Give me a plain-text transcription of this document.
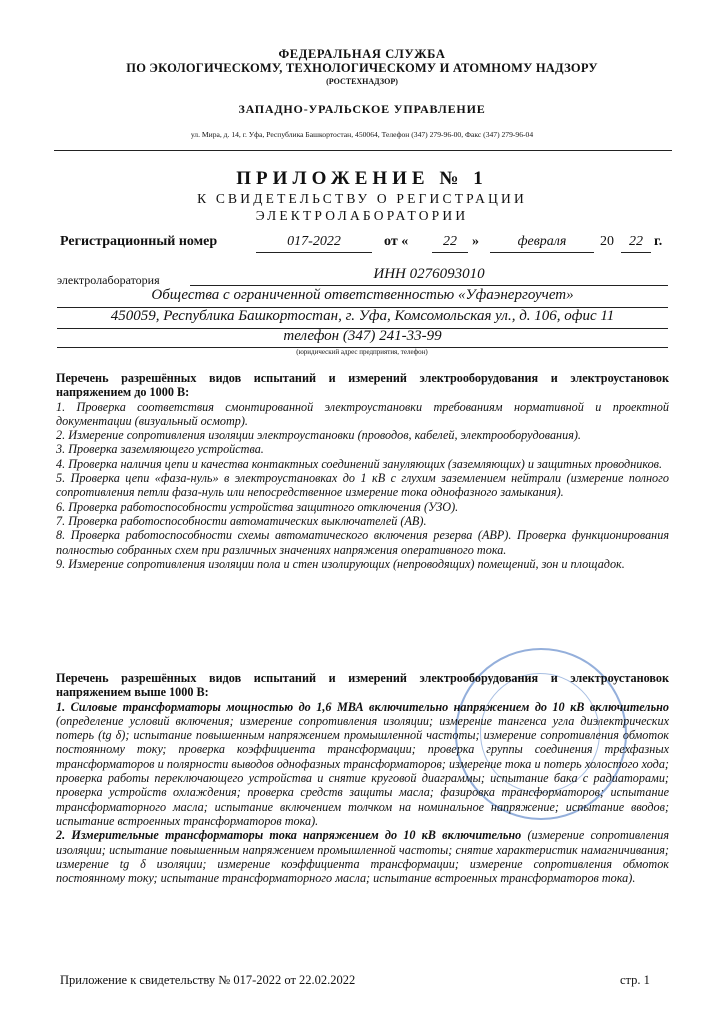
ФЕДЕРАЛЬНАЯ СЛУЖБА
ПО ЭКОЛОГИЧЕСКОМУ, ТЕХНОЛОГИЧЕСКОМУ И АТОМНОМУ НАДЗОРУ
(РОСТЕХНАДЗОР)
ЗАПАДНО-УРАЛЬСКОЕ УПРАВЛЕНИЕ
ул. Мира, д. 14, г. Уфа, Республика Башкортостан, 450064, Телефон (347) 279-96-00, Факс (347) 279-96-04
ПРИЛОЖЕНИЕ № 1
К СВИДЕТЕЛЬСТВУ О РЕГИСТРАЦИИ
ЭЛЕКТРОЛАБОРАТОРИИ
Регистрационный номер	017-2022	от «	22	»	февраля	20	22 г.
электролаборатория	ИНН 0276093010
Общества с ограниченной ответственностью «Уфаэнергоучет»
450059, Республика Башкортостан, г. Уфа, Комсомольская ул., д. 106, офис 11
телефон (347) 241-33-99
(юридический адрес предприятия, телефон)

Перечень разрешённых видов испытаний и измерений электрооборудования и электроустановок напряжением до 1000 В:

1. Проверка соответствия смонтированной электроустановки требованиям нормативной и проектной документации (визуальный осмотр).

2. Измерение сопротивления изоляции электроустановки (проводов, кабелей, электрооборудования).

3. Проверка заземляющего устройства.

4. Проверка наличия цепи и качества контактных соединений зануляющих (заземляющих) и защитных проводников.

5. Проверка цепи «фаза-нуль» в электроустановках до 1 кВ с глухим заземлением нейтрали (измерение полного сопротивления петли фаза-нуль или непосредственное измерение тока однофазного замыкания).

6. Проверка работоспособности устройства защитного отключения (УЗО).

7. Проверка работоспособности автоматических выключателей (АВ).

8. Проверка работоспособности схемы автоматического включения резерва (АВР). Проверка функционирования полностью собранных схем при различных значениях напряжения оперативного тока.

9. Измерение сопротивления изоляции пола и стен изолирующих (непроводящих) помещений, зон и площадок.

Перечень разрешённых видов испытаний и измерений электрооборудования и электроустановок напряжением выше 1000 В:

1. Силовые трансформаторы мощностью до 1,6 МВА включительно напряжением до 10 кВ включительно (определение условий включения; измерение сопротивления изоляции; измерение тангенса угла диэлектрических потерь (tg δ); испытание повышенным напряжением промышленной частоты; измерение сопротивления обмоток постоянному току; проверка коэффициента трансформации; проверка группы соединения трехфазных трансформаторов и полярности выводов однофазных трансформаторов; измерение тока и потерь холостого хода; проверка работы переключающего устройства и снятие круговой диаграммы; испытание бака с радиаторами; проверка устройств охлаждения; проверка средств защиты масла; фазировка трансформаторов; испытание трансформаторного масла; испытание включением толчком на номинальное напряжение; испытание вводов; испытание встроенных трансформаторов тока).

2. Измерительные трансформаторы тока напряжением до 10 кВ включительно (измерение сопротивления изоляции; испытание повышенным напряжением промышленной частоты; снятие характеристик намагничивания; измерение tg δ изоляции; измерение коэффициента трансформации; измерение сопротивления обмоток постоянному току; испытание трансформаторного масла; испытание встроенных трансформаторов тока).

Приложение к свидетельству № 017-2022 от 22.02.2022	стр. 1
